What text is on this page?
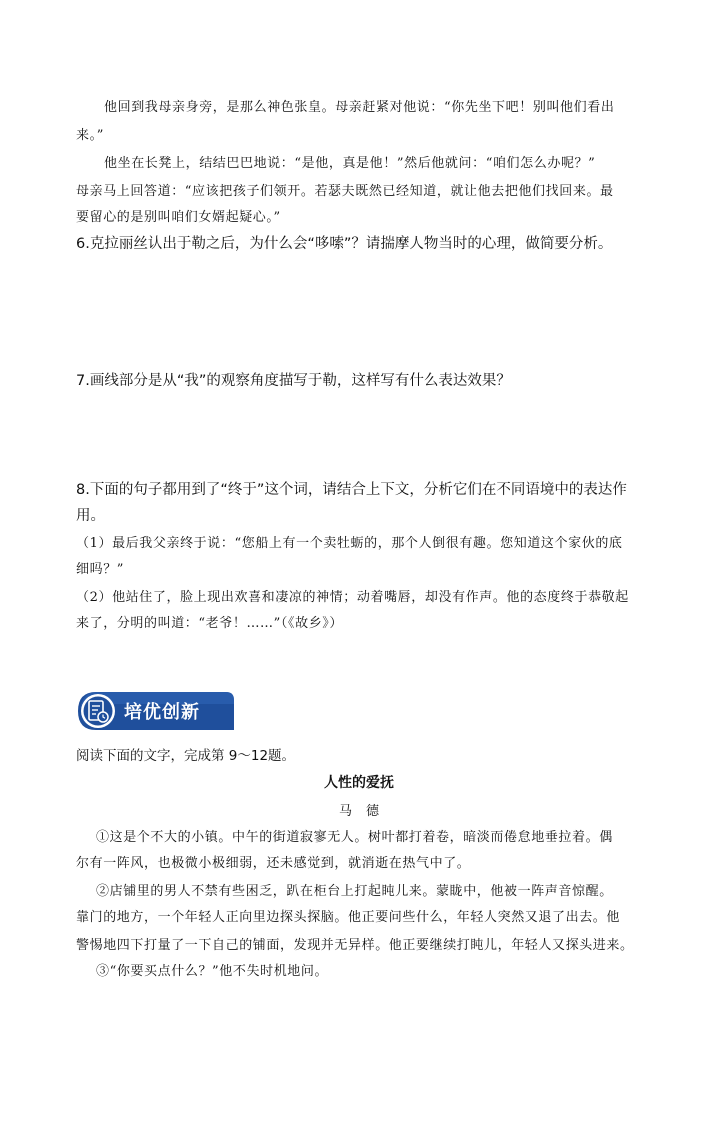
他回到我母亲身旁，是那么神色张皇。母亲赶紧对他说：“你先坐下吧！别叫他们看出
来。”
他坐在长凳上，结结巴巴地说：“是他，真是他！”然后他就问：“咱们怎么办呢？”
母亲马上回答道：“应该把孩子们领开。若瑟夫既然已经知道，就让他去把他们找回来。最
要留心的是别叫咱们女婿起疑心。”
6.克拉丽丝认出于勒之后，为什么会“哆嗦”？请揣摩人物当时的心理，做简要分析。
7.画线部分是从“我”的观察角度描写于勒，这样写有什么表达效果？
8.下面的句子都用到了“终于”这个词，请结合上下文，分析它们在不同语境中的表达作
用。
（1）最后我父亲终于说：“您船上有一个卖牡蛎的，那个人倒很有趣。您知道这个家伙的底
细吗？”
（2）他站住了，脸上现出欢喜和凄凉的神情；动着嘴唇，却没有作声。他的态度终于恭敬起
来了，分明的叫道：“老爷！……”（《故乡》）
培优创新
阅读下面的文字，完成第 9～12题。
人性的爱抚
马德
①这是个不大的小镇。中午的街道寂寥无人。树叶都打着卷，暗淡而倦怠地垂拉着。偶
尔有一阵风，也极微小极细弱，还未感觉到，就消逝在热气中了。
②店铺里的男人不禁有些困乏，趴在柜台上打起盹儿来。蒙眬中，他被一阵声音惊醒。
靠门的地方，一个年轻人正向里边探头探脑。他正要问些什么，年轻人突然又退了出去。他
警惕地四下打量了一下自己的铺面，发现并无异样。他正要继续打盹儿，年轻人又探头进来。
③“你要买点什么？”他不失时机地问。
